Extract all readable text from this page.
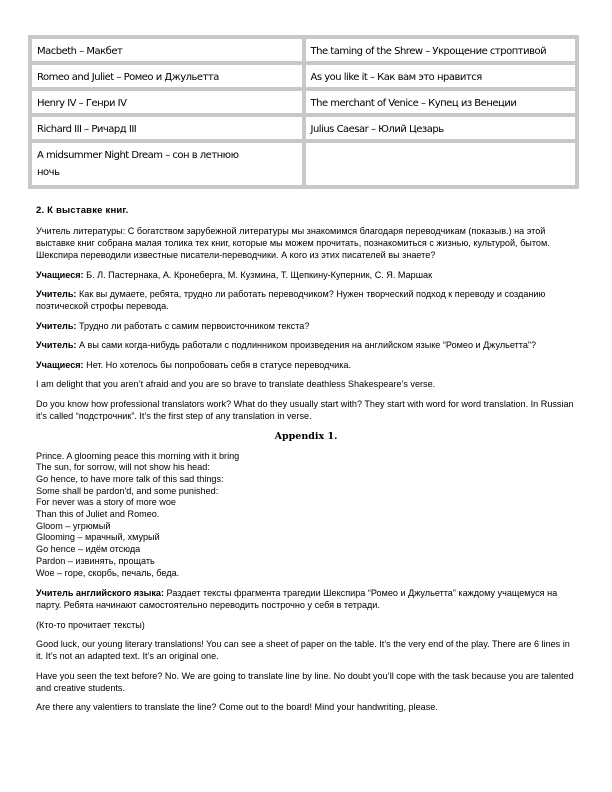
Macbeth – Макбет	The taming of the Shrew – Укрощение строптивой
Romeo and Juliet – Ромео и Джульетта	As you like it – Как вам это нравится
Henry IV – Генри IV	The merchant of Venice – Купец из Венеции
Richard III – Ричард III	Julius Caesar – Юлий Цезарь
A midsummer Night Dream – сон в летнюю
ночь	

2. К выставке книг.

Учитель литературы: С богатством зарубежной литературы мы знакомимся благодаря переводчикам (показыв.) на этой выставке книг собрана малая толика тех книг, которые мы можем прочитать, познакомиться с жизнью, культурой, бытом. Шекспира переводили известные писатели-переводчики. А кого из этих писателей вы знаете?

Учащиеся: Б. Л. Пастернака, А. Кронеберга, М. Кузмина, Т. Щепкину-Куперник, С. Я. Маршак

Учитель: Как вы думаете, ребята, трудно ли работать переводчиком? Нужен творческий подход к переводу и созданию поэтической строфы перевода.

Учитель: Трудно ли работать с самим первоисточником текста?

Учитель: А вы сами когда-нибудь работали с подлинником произведения на английском языке “Ромео и Джульетта”?

Учащиеся: Нет. Но хотелось бы попробовать себя в статусе переводчика.

I am delight that you aren’t afraid and you are so brave to translate deathless Shakespeare’s verse.

Do you know how professional translators work? What do they usually start with? They start with word for word translation. In Russian it’s called “подстрочник”. It’s the first step of any translation in verse.

Appendix 1.

Prince. A glooming peace this morning with it bring
The sun, for sorrow, will not show his head:
Go hence, to have more talk of this sad things:
Some shall be pardon'd, and some punished:
For never was a story of more woe
Than this of Juliet and Romeo.
Gloom – угрюмый
Glooming – мрачный, хмурый
Go hence – идём отсюда
Pardon – извинять, прощать
Woe – горе, скорбь, печаль, беда.

Учитель английского языка: Раздает тексты фрагмента трагедии Шекспира “Ромео и Джульетта” каждому учащемуся на парту. Ребята начинают самостоятельно переводить построчно у себя в тетради.

(Кто-то прочитает тексты)

Good luck, our young literary translations! You can see a sheet of paper on the table. It’s the very end of the play. There are 6 lines in it. It’s not an adapted text. It’s an original one.

Have you seen the text before? No. We are going to translate line by line. No doubt you’ll cope with the task because you are talented and creative students.

Are there any valentiers to translate the line? Come out to the board! Mind your handwriting, please.
